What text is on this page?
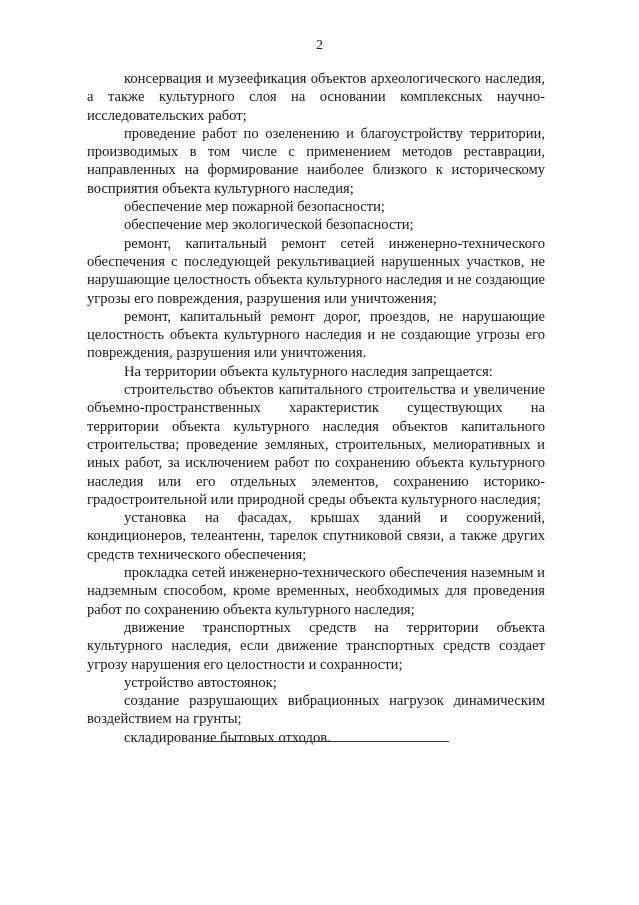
2

консервация и музеефикация объектов археологического наследия, а также культурного слоя на основании комплексных научно-исследовательских работ;

проведение работ по озеленению и благоустройству территории, производимых в том числе с применением методов реставрации, направленных на формирование наиболее близкого к историческому восприятия объекта культурного наследия;

обеспечение мер пожарной безопасности;

обеспечение мер экологической безопасности;

ремонт, капитальный ремонт сетей инженерно-технического обеспечения с последующей рекультивацией нарушенных участков, не нарушающие целостность объекта культурного наследия и не создающие угрозы его повреждения, разрушения или уничтожения;

ремонт, капитальный ремонт дорог, проездов, не нарушающие целостность объекта культурного наследия и не создающие угрозы его повреждения, разрушения или уничтожения.

На территории объекта культурного наследия запрещается:

строительство объектов капитального строительства и увеличение объемно-пространственных характеристик существующих на территории объекта культурного наследия объектов капитального строительства; проведение земляных, строительных, мелиоративных и иных работ, за исключением работ по сохранению объекта культурного наследия или его отдельных элементов, сохранению историко-градостроительной или природной среды объекта культурного наследия;

установка на фасадах, крышах зданий и сооружений, кондиционеров, телеантенн, тарелок спутниковой связи, а также других средств технического обеспечения;

прокладка сетей инженерно-технического обеспечения наземным и надземным способом, кроме временных, необходимых для проведения работ по сохранению объекта культурного наследия;

движение транспортных средств на территории объекта культурного наследия, если движение транспортных средств создает угрозу нарушения его целостности и сохранности;

устройство автостоянок;

создание разрушающих вибрационных нагрузок динамическим воздействием на грунты;

складирование бытовых отходов.
